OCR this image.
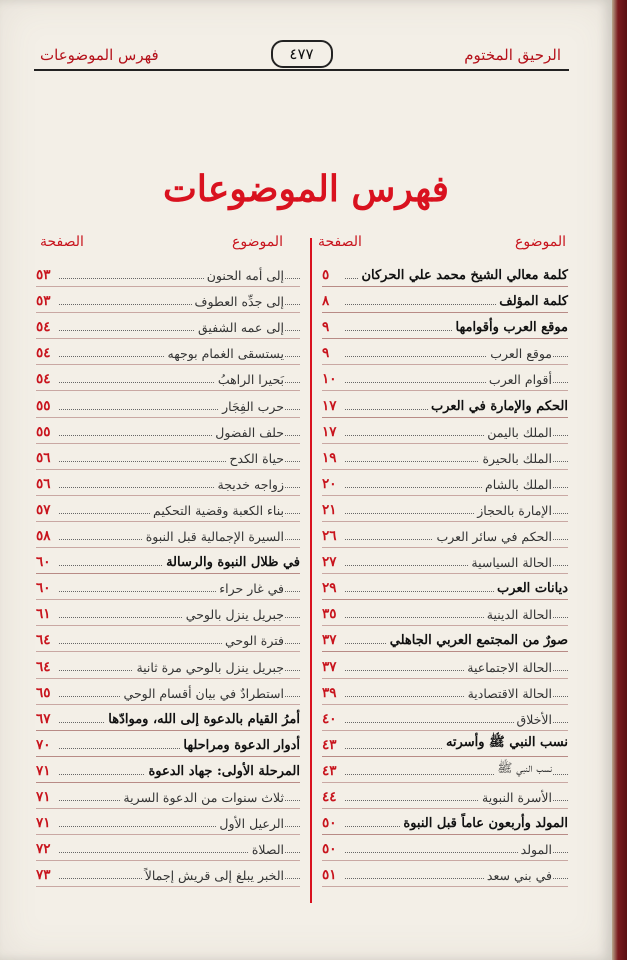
الرحيق المختوم
٤٧٧
فهرس الموضوعات
فهرس الموضوعات
الموضوع
الصفحة
الموضوع
الصفحة
كلمة معالي الشيخ محمد علي الحركان
٥
كلمة المؤلف
٨
موقع العرب وأقوامها
٩
موقع العرب
٩
أقوام العرب
١٠
الحكم والإمارة في العرب
١٧
الملك باليمن
١٧
الملك بالحيرة
١٩
الملك بالشام
٢٠
الإمارة بالحجاز
٢١
الحكم في سائر العرب
٢٦
الحالة السياسية
٢٧
ديانات العرب
٢٩
الحالة الدينية
٣٥
صورٌ من المجتمع العربي الجاهلي
٣٧
الحالة الاجتماعية
٣٧
الحالة الاقتصادية
٣٩
الأخلاق
٤٠
نسب النبي ﷺ وأسرته
٤٣
نسب النبي ﷺ
٤٣
الأسرة النبوية
٤٤
المولد وأربعون عاماً قبل النبوة
٥٠
المولد
٥٠
في بني سعد
٥١
إلى أمه الحنون
٥٣
إلى جدِّه العطوف
٥٣
إلى عمه الشفيق
٥٤
يستسقى الغمام بوجهه
٥٤
بَحيرا الراهبُ
٥٤
حرب الفِجَار
٥٥
حلف الفضول
٥٥
حياة الكدح
٥٦
زواجه خديجة
٥٦
بناء الكعبة وقضية التحكيم
٥٧
السيرة الإجمالية قبل النبوة
٥٨
في ظلال النبوة والرسالة
٦٠
في غار حراء
٦٠
جبريل ينزل بالوحي
٦١
فترة الوحي
٦٤
جبريل ينزل بالوحي مرة ثانية
٦٤
استطرادٌ في بيان أقسام الوحي
٦٥
أمرُ القيام بالدعوة إلى الله، وموادّها
٦٧
أدوار الدعوة ومراحلها
٧٠
المرحلة الأولى: جهاد الدعوة
٧١
ثلاث سنوات من الدعوة السرية
٧١
الرعيل الأول
٧١
الصلاة
٧٢
الخبر يبلغ إلى قريش إجمالاً
٧٣
